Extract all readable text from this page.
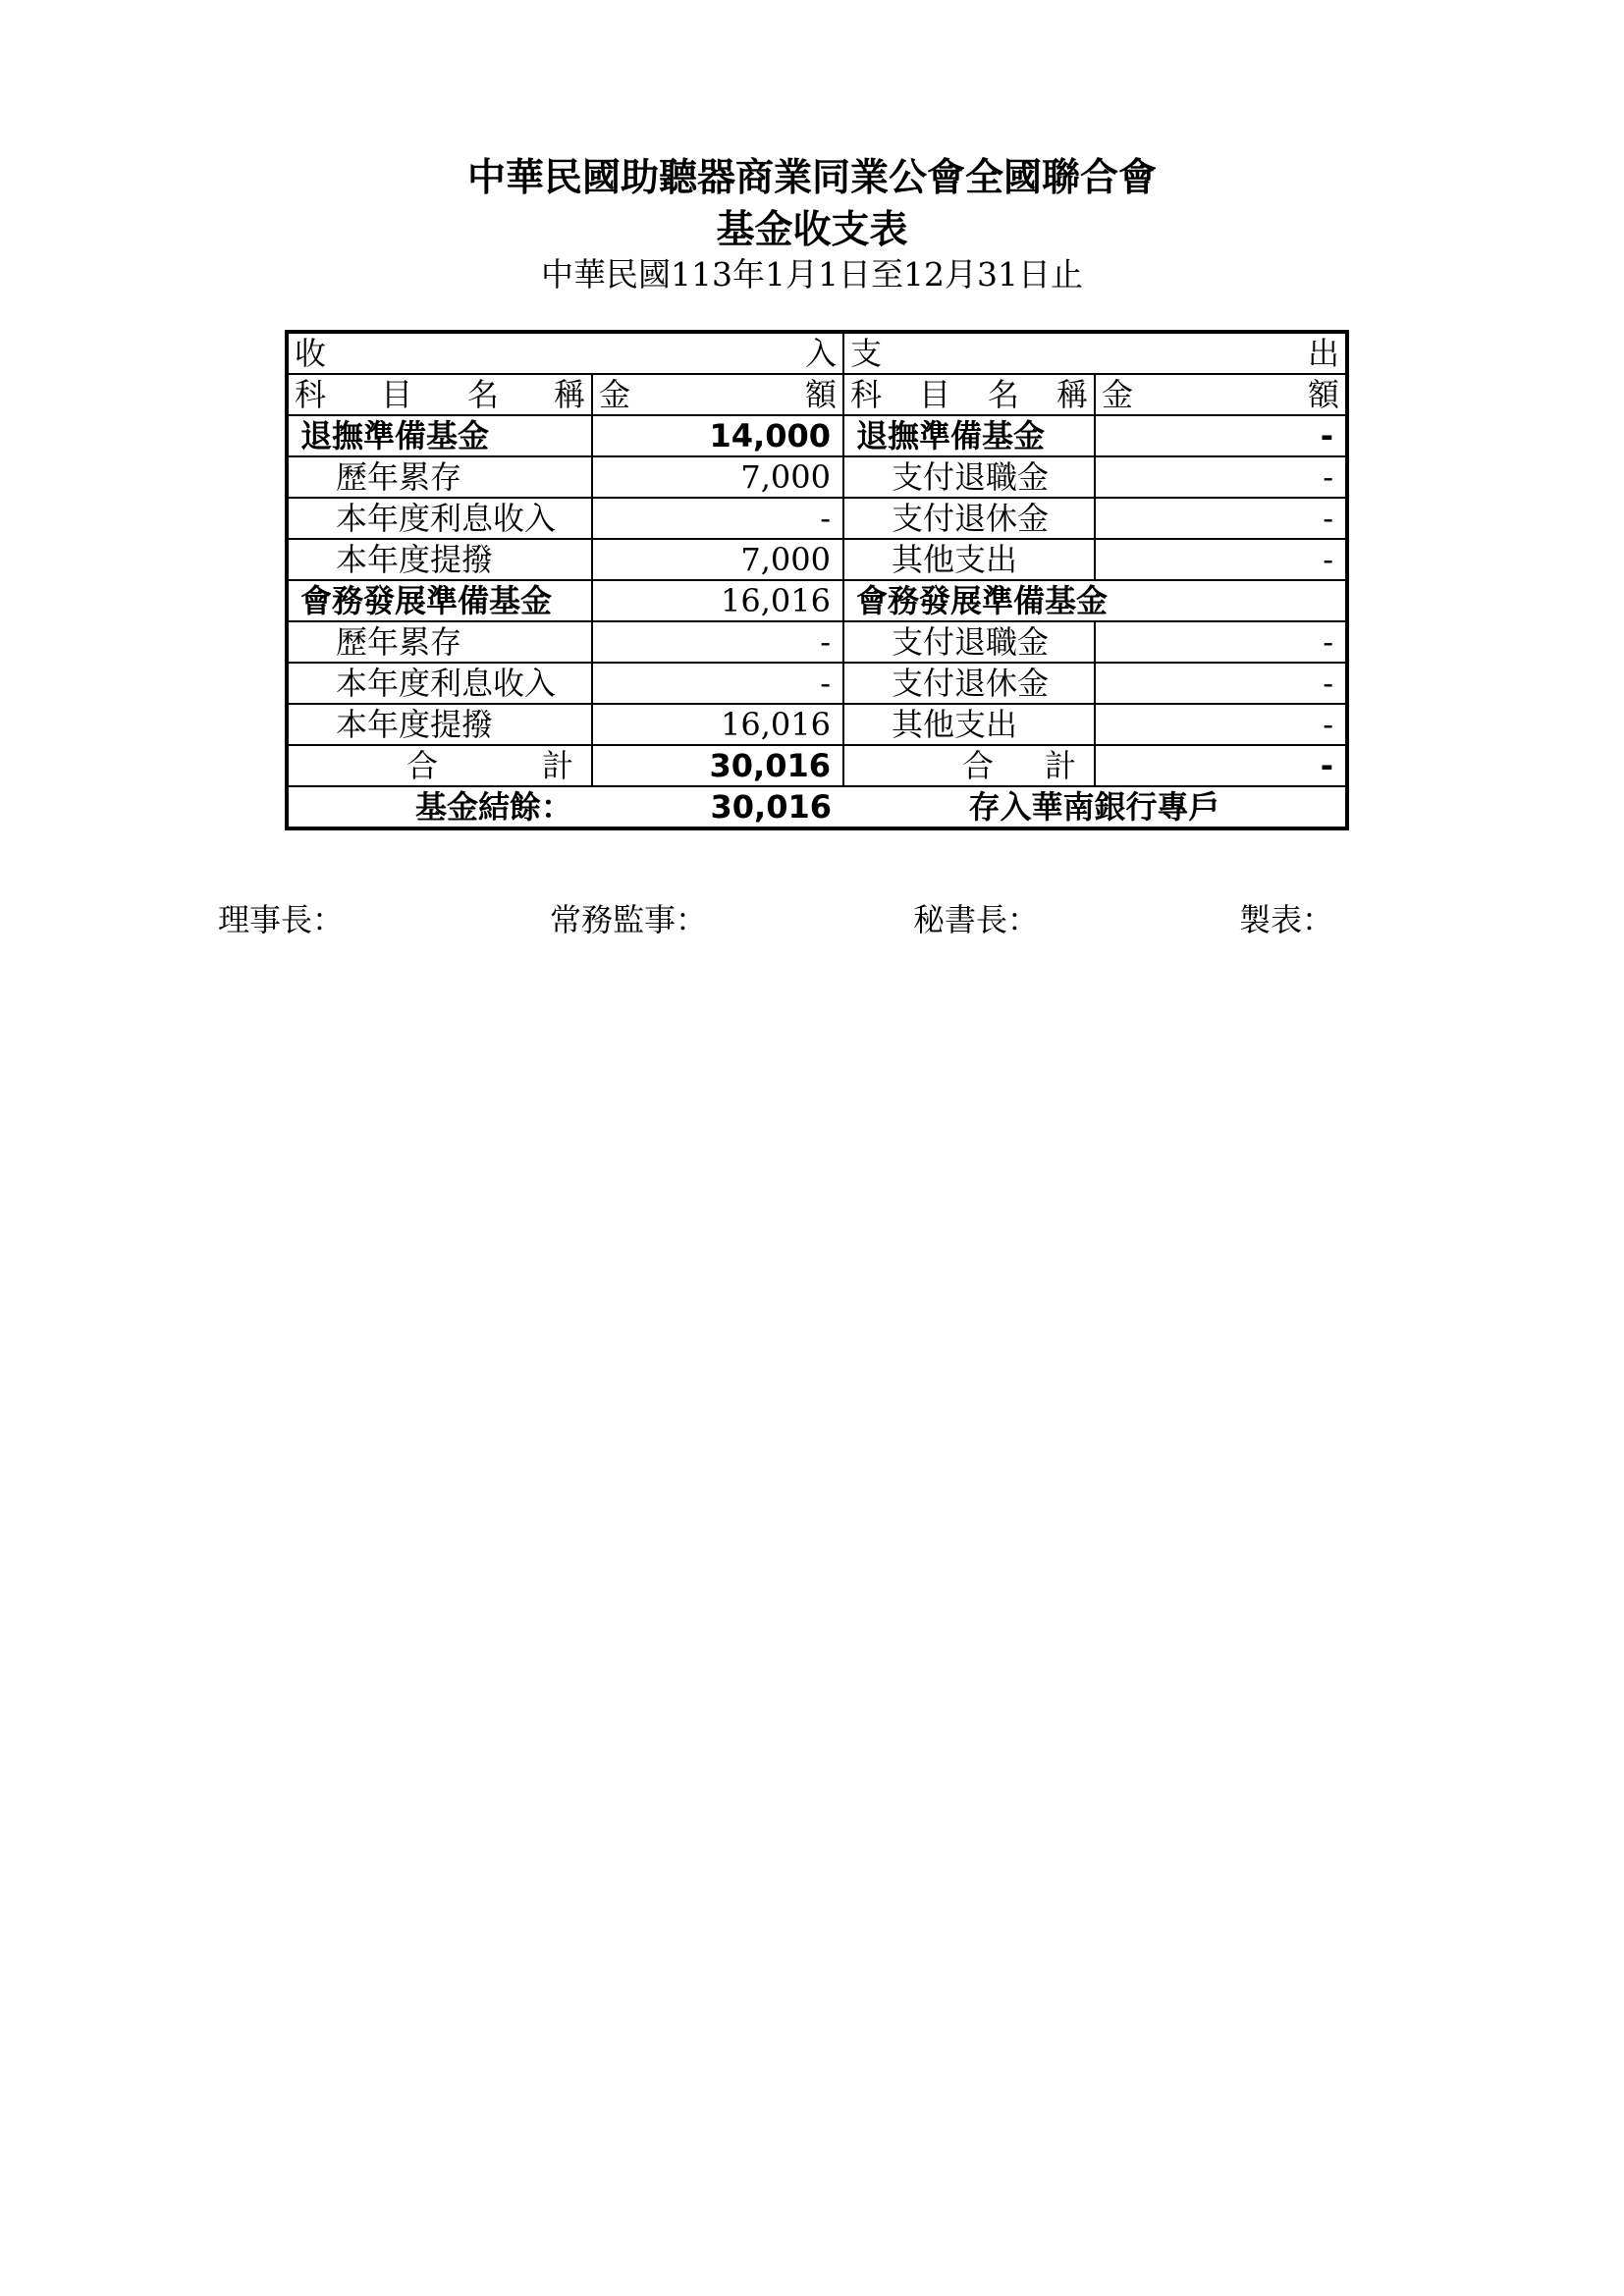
中華民國助聽器商業同業公會全國聯合會
基金收支表
中華民國113年1月1日至12月31日止
收 入		支 出	

科　目　名　稱	金 額	科　目　名　稱	金 額

退撫準備基金	14,000	退撫準備基金	-
歷年累存	7,000	支付退職金	-
本年度利息收入	-	支付退休金	-
本年度提撥	7,000	其他支出	-
會務發展準備基金	16,016	會務發展準備基金	
歷年累存	-	支付退職金	-
本年度利息收入	-	支付退休金	-
本年度提撥	16,016	其他支出	-

合 計	30,016	合 計	-
基金結餘：	30,016	存入華南銀行專戶	
理事長：	常務監事：	秘書長：	製表：
